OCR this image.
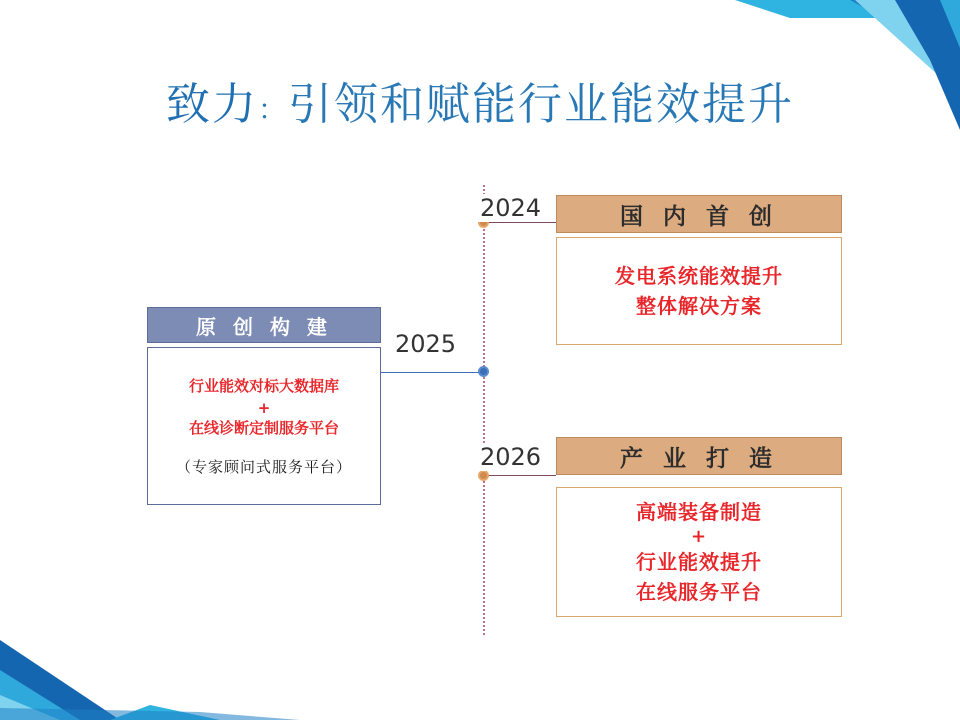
致力：引领和赋能行业能效提升
2024
2025
2026
原 创 构 建
行业能效对标大数据库
+
在线诊断定制服务平台
（专家顾问式服务平台）
国 内 首 创
发电系统能效提升
整体解决方案
产 业 打 造
高端装备制造
+
行业能效提升
在线服务平台
